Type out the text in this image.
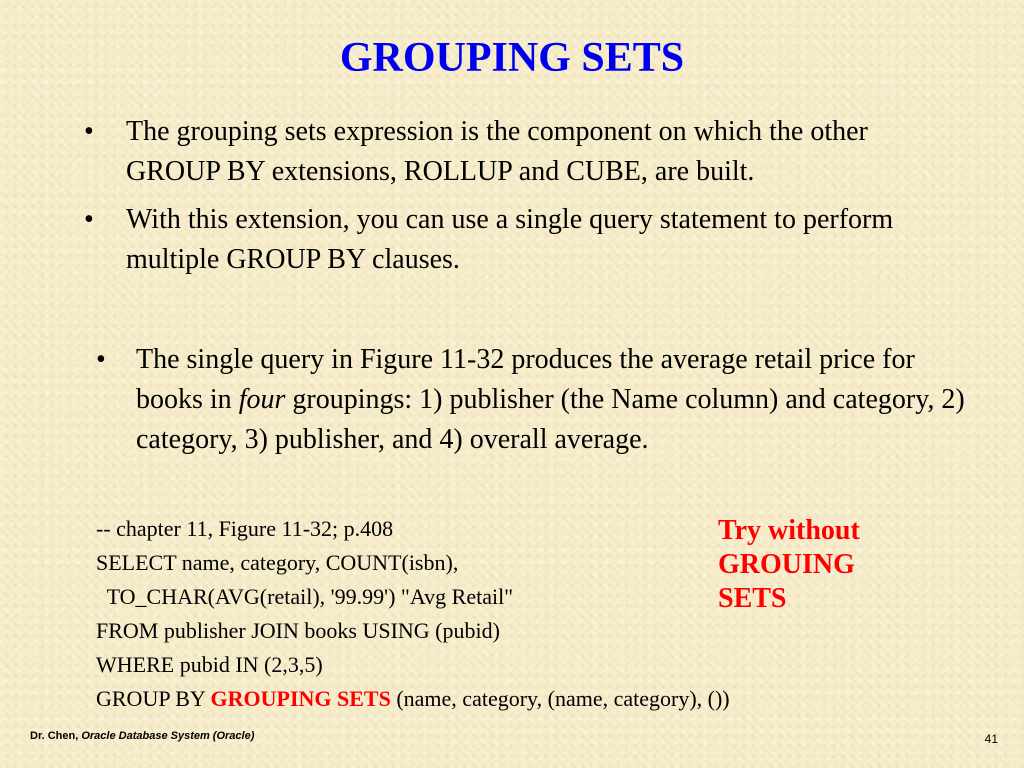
GROUPING SETS
• The grouping sets expression is the component on which the other GROUP BY extensions, ROLLUP and CUBE, are built.
• With this extension, you can use a single query statement to perform multiple GROUP BY clauses.
• The single query in Figure 11-32 produces the average retail price for books in four groupings: 1) publisher (the Name column) and category, 2) category, 3) publisher, and 4) overall average.
-- chapter 11, Figure 11-32; p.408
SELECT name, category, COUNT(isbn),
TO_CHAR(AVG(retail), '99.99') "Avg Retail"
FROM publisher JOIN books USING (pubid)
WHERE pubid IN (2,3,5)
GROUP BY GROUPING SETS (name, category, (name, category), ())
Try without
GROUING
SETS
Dr. Chen, Oracle Database System (Oracle)	41
